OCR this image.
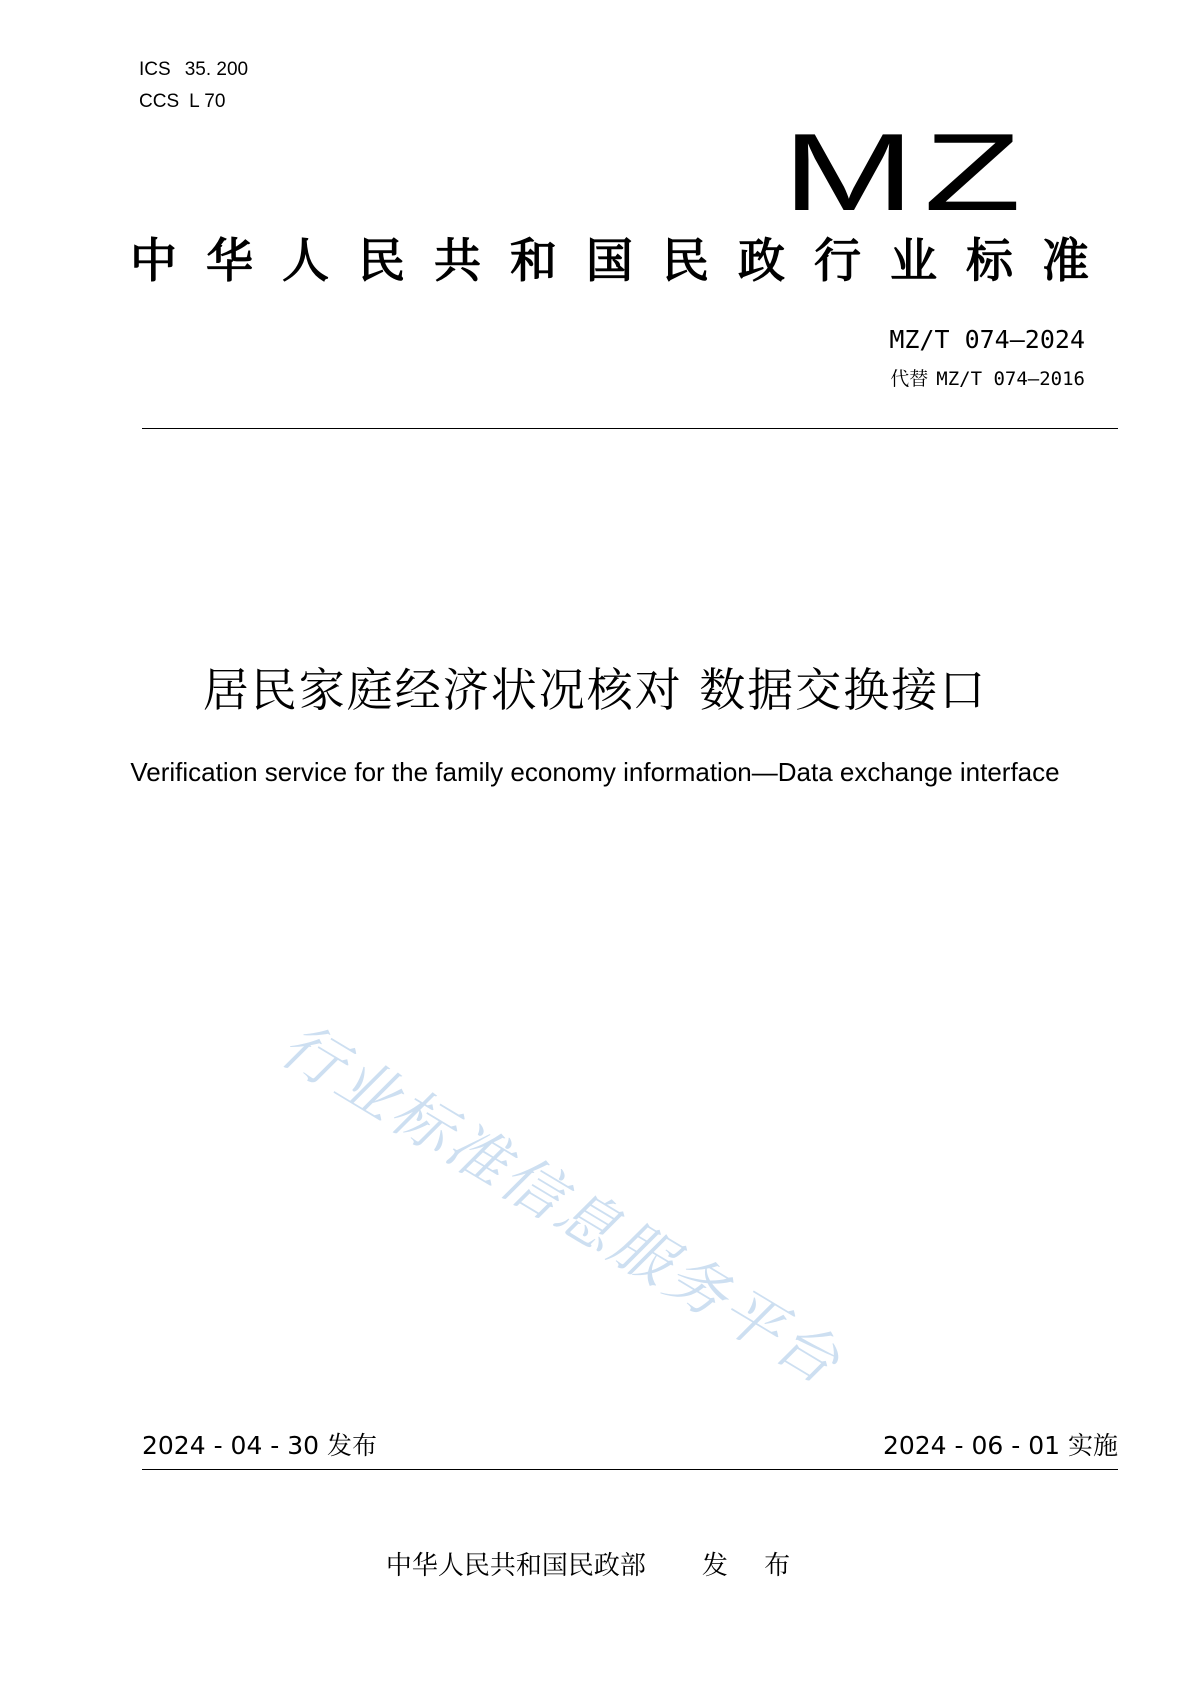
ICS 35. 200
CCS L 70
MZ
中华人民共和国民政行业标准
MZ/T 074—2024
代替 MZ/T 074—2016
居民家庭经济状况核对 数据交换接口
Verification service for the family economy information—Data exchange interface
行业标准信息服务平台
2024 - 04 - 30 发布	2024 - 06 - 01 实施
中华人民共和国民政部 发 布
